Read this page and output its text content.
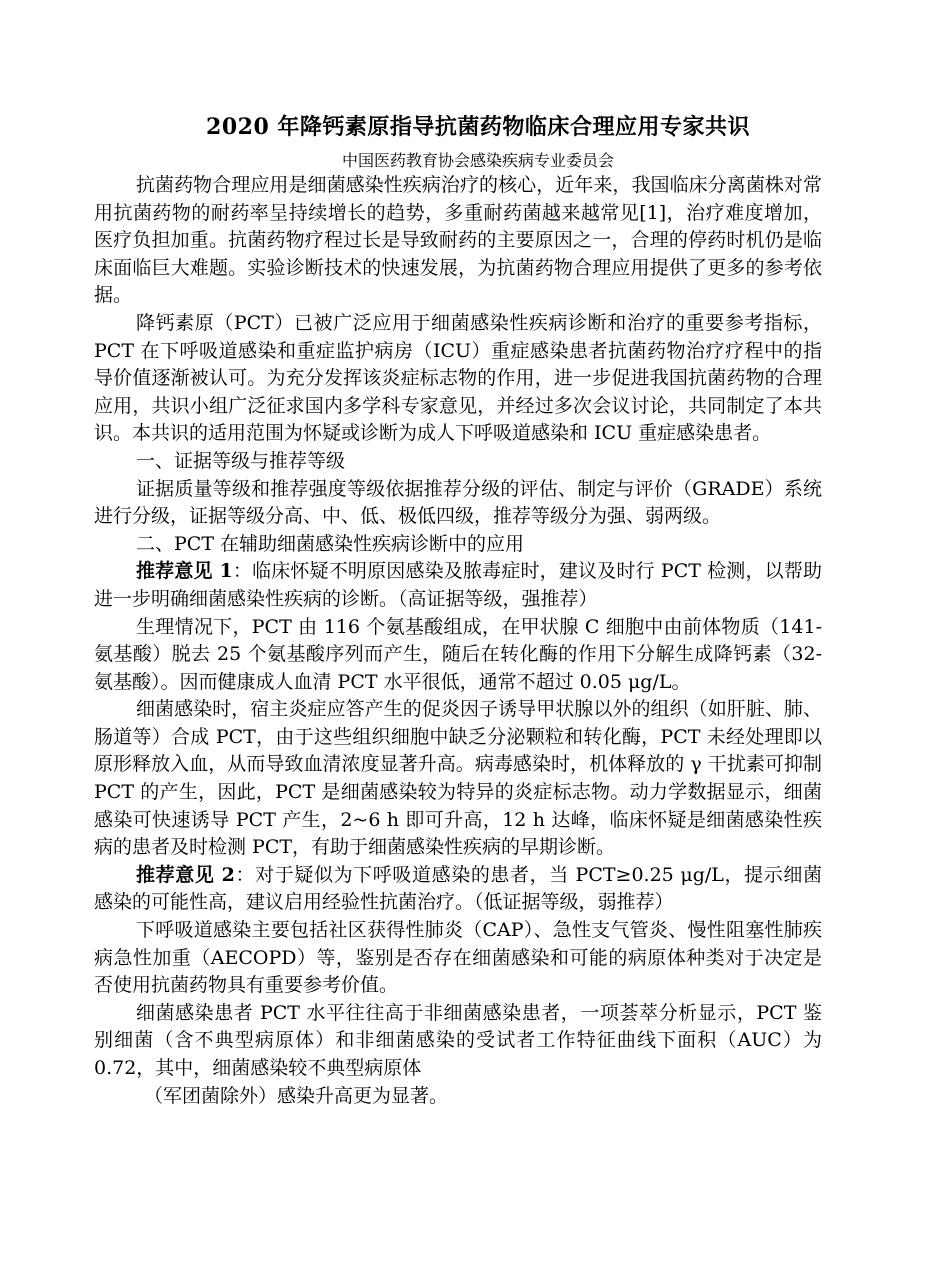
2020 年降钙素原指导抗菌药物临床合理应用专家共识
中国医药教育协会感染疾病专业委员会

抗菌药物合理应用是细菌感染性疾病治疗的核心，近年来，我国临床分离菌株对常用抗菌药物的耐药率呈持续增长的趋势，多重耐药菌越来越常见[1]，治疗难度增加，医疗负担加重。抗菌药物疗程过长是导致耐药的主要原因之一，合理的停药时机仍是临床面临巨大难题。实验诊断技术的快速发展，为抗菌药物合理应用提供了更多的参考依据。

降钙素原（PCT）已被广泛应用于细菌感染性疾病诊断和治疗的重要参考指标，PCT 在下呼吸道感染和重症监护病房（ICU）重症感染患者抗菌药物治疗疗程中的指导价值逐渐被认可。为充分发挥该炎症标志物的作用，进一步促进我国抗菌药物的合理应用，共识小组广泛征求国内多学科专家意见，并经过多次会议讨论，共同制定了本共识。本共识的适用范围为怀疑或诊断为成人下呼吸道感染和 ICU 重症感染患者。

一、证据等级与推荐等级

证据质量等级和推荐强度等级依据推荐分级的评估、制定与评价（GRADE）系统进行分级，证据等级分高、中、低、极低四级，推荐等级分为强、弱两级。

二、PCT 在辅助细菌感染性疾病诊断中的应用

推荐意见 1：临床怀疑不明原因感染及脓毒症时，建议及时行 PCT 检测，以帮助进一步明确细菌感染性疾病的诊断。（高证据等级，强推荐）

生理情况下，PCT 由 116 个氨基酸组成，在甲状腺 C 细胞中由前体物质（141-氨基酸）脱去 25 个氨基酸序列而产生，随后在转化酶的作用下分解生成降钙素（32-氨基酸）。因而健康成人血清 PCT 水平很低，通常不超过 0.05 μg/L。

细菌感染时，宿主炎症应答产生的促炎因子诱导甲状腺以外的组织（如肝脏、肺、肠道等）合成 PCT，由于这些组织细胞中缺乏分泌颗粒和转化酶，PCT 未经处理即以原形释放入血，从而导致血清浓度显著升高。病毒感染时，机体释放的 γ 干扰素可抑制 PCT 的产生，因此，PCT 是细菌感染较为特异的炎症标志物。动力学数据显示，细菌感染可快速诱导 PCT 产生，2~6 h 即可升高，12 h 达峰，临床怀疑是细菌感染性疾病的患者及时检测 PCT，有助于细菌感染性疾病的早期诊断。

推荐意见 2：对于疑似为下呼吸道感染的患者，当 PCT≥0.25 μg/L，提示细菌感染的可能性高，建议启用经验性抗菌治疗。（低证据等级，弱推荐）

下呼吸道感染主要包括社区获得性肺炎（CAP）、急性支气管炎、慢性阻塞性肺疾病急性加重（AECOPD）等，鉴别是否存在细菌感染和可能的病原体种类对于决定是否使用抗菌药物具有重要参考价值。

细菌感染患者 PCT 水平往往高于非细菌感染患者，一项荟萃分析显示，PCT 鉴别细菌（含不典型病原体）和非细菌感染的受试者工作特征曲线下面积（AUC）为 0.72，其中，细菌感染较不典型病原体

（军团菌除外）感染升高更为显著。
